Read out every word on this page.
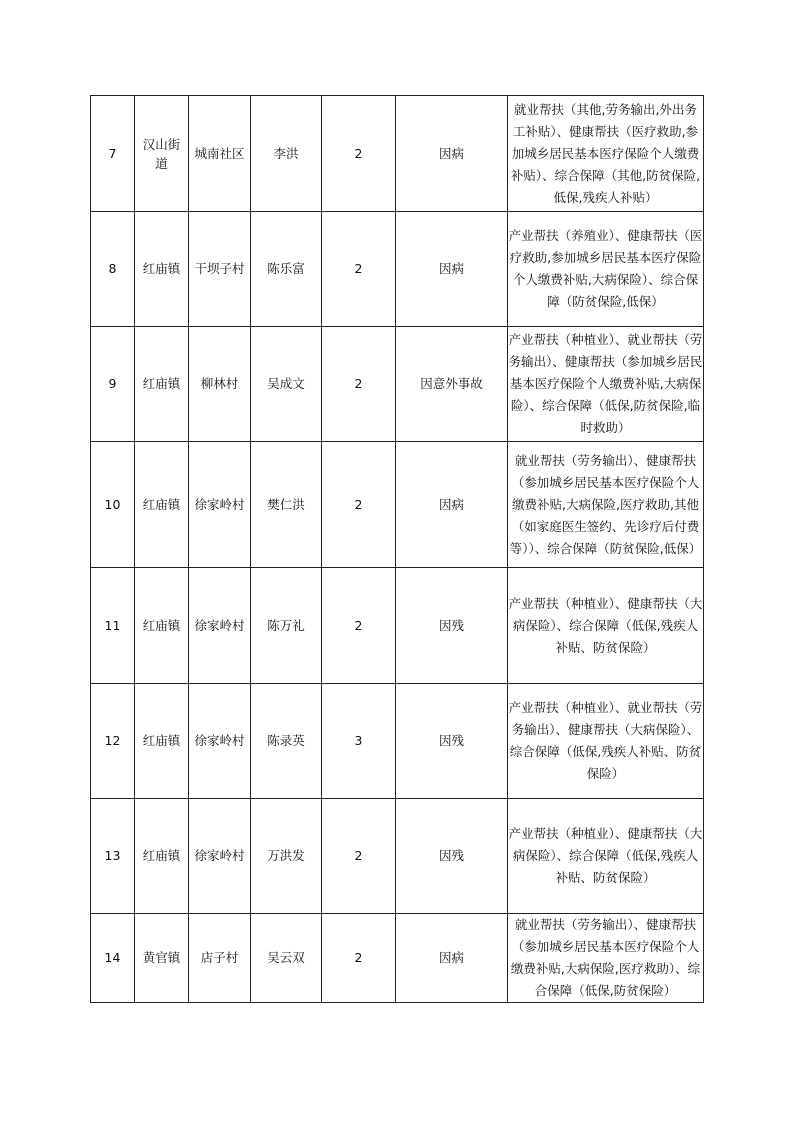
7	汉山街道	城南社区	李洪	2	因病	就业帮扶（其他,劳务输出,外出务工补贴）、健康帮扶（医疗救助,参加城乡居民基本医疗保险个人缴费补贴）、综合保障（其他,防贫保险,低保,残疾人补贴）
8	红庙镇	干坝子村	陈乐富	2	因病	产业帮扶（养殖业）、健康帮扶（医疗救助,参加城乡居民基本医疗保险个人缴费补贴,大病保险）、综合保障（防贫保险,低保）
9	红庙镇	柳林村	吴成文	2	因意外事故	产业帮扶（种植业）、就业帮扶（劳务输出）、健康帮扶（参加城乡居民基本医疗保险个人缴费补贴,大病保险）、综合保障（低保,防贫保险,临时救助）
10	红庙镇	徐家岭村	樊仁洪	2	因病	就业帮扶（劳务输出）、健康帮扶（参加城乡居民基本医疗保险个人缴费补贴,大病保险,医疗救助,其他（如家庭医生签约、先诊疗后付费等））、综合保障（防贫保险,低保）
11	红庙镇	徐家岭村	陈万礼	2	因残	产业帮扶（种植业）、健康帮扶（大病保险）、综合保障（低保,残疾人补贴、防贫保险）
12	红庙镇	徐家岭村	陈录英	3	因残	产业帮扶（种植业）、就业帮扶（劳务输出）、健康帮扶（大病保险）、综合保障（低保,残疾人补贴、防贫保险）
13	红庙镇	徐家岭村	万洪发	2	因残	产业帮扶（种植业）、健康帮扶（大病保险）、综合保障（低保,残疾人补贴、防贫保险）
14	黄官镇	店子村	吴云双	2	因病	就业帮扶（劳务输出）、健康帮扶（参加城乡居民基本医疗保险个人缴费补贴,大病保险,医疗救助）、综合保障（低保,防贫保险）
